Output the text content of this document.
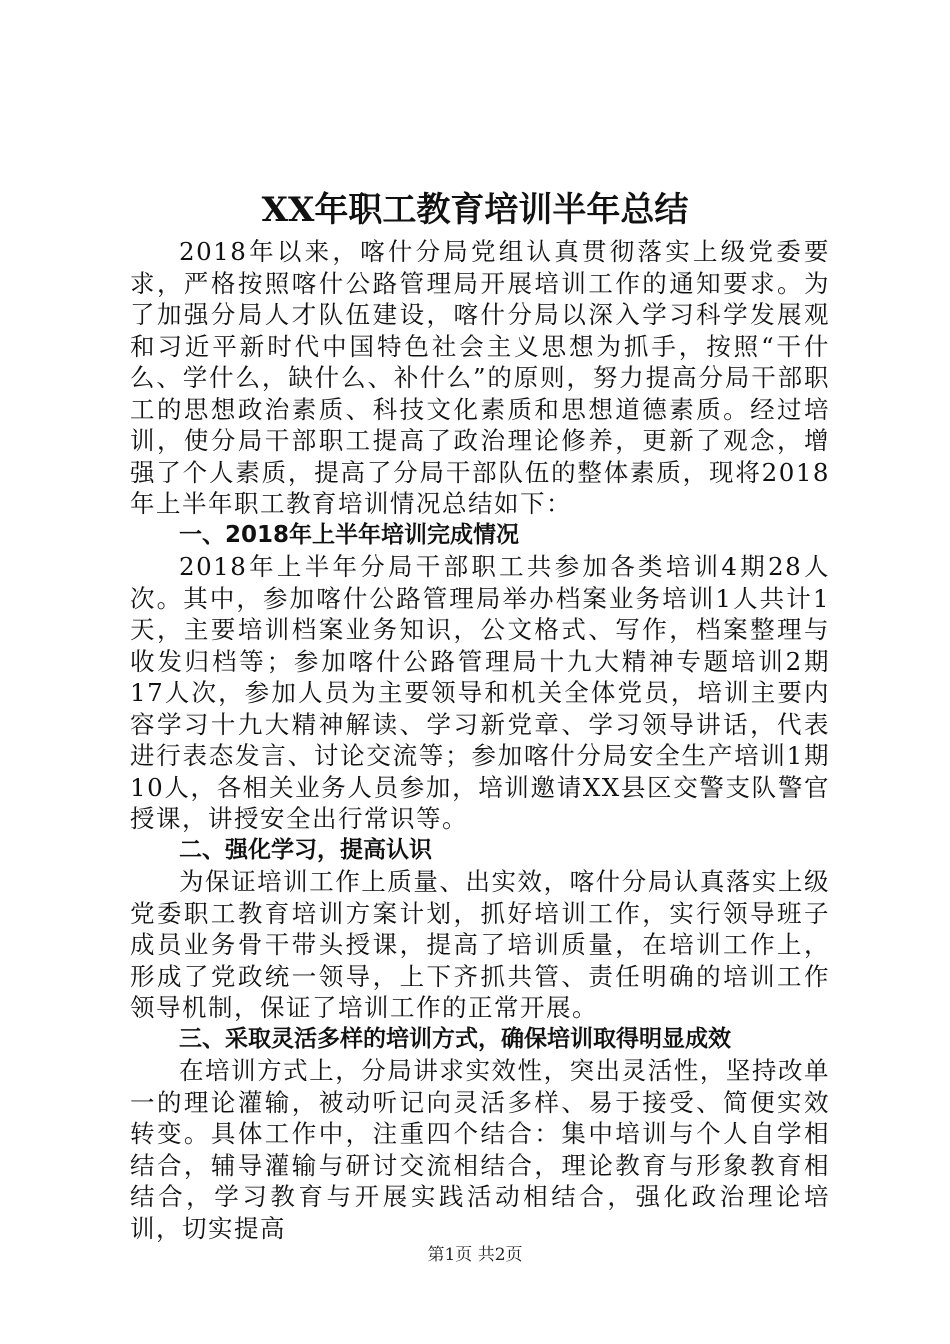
XX年职工教育培训半年总结

2018年以来，喀什分局党组认真贯彻落实上级党委要求，严格按照喀什公路管理局开展培训工作的通知要求。为了加强分局人才队伍建设，喀什分局以深入学习科学发展观和习近平新时代中国特色社会主义思想为抓手，按照“干什么、学什么，缺什么、补什么”的原则，努力提高分局干部职工的思想政治素质、科技文化素质和思想道德素质。经过培训，使分局干部职工提高了政治理论修养，更新了观念，增强了个人素质，提高了分局干部队伍的整体素质，现将2018年上半年职工教育培训情况总结如下：

一、2018年上半年培训完成情况

2018年上半年分局干部职工共参加各类培训4期28人次。其中，参加喀什公路管理局举办档案业务培训1人共计1天，主要培训档案业务知识，公文格式、写作，档案整理与收发归档等；参加喀什公路管理局十九大精神专题培训2期17人次，参加人员为主要领导和机关全体党员，培训主要内容学习十九大精神解读、学习新党章、学习领导讲话，代表进行表态发言、讨论交流等；参加喀什分局安全生产培训1期10人，各相关业务人员参加，培训邀请XX县区交警支队警官授课，讲授安全出行常识等。

二、强化学习，提高认识

为保证培训工作上质量、出实效，喀什分局认真落实上级党委职工教育培训方案计划，抓好培训工作，实行领导班子成员业务骨干带头授课，提高了培训质量，在培训工作上，形成了党政统一领导，上下齐抓共管、责任明确的培训工作领导机制，保证了培训工作的正常开展。

三、采取灵活多样的培训方式，确保培训取得明显成效

在培训方式上，分局讲求实效性，突出灵活性，坚持改单一的理论灌输，被动听记向灵活多样、易于接受、简便实效转变。具体工作中，注重四个结合：集中培训与个人自学相结合，辅导灌输与研讨交流相结合，理论教育与形象教育相结合，学习教育与开展实践活动相结合，强化政治理论培训，切实提高

第1页 共2页
